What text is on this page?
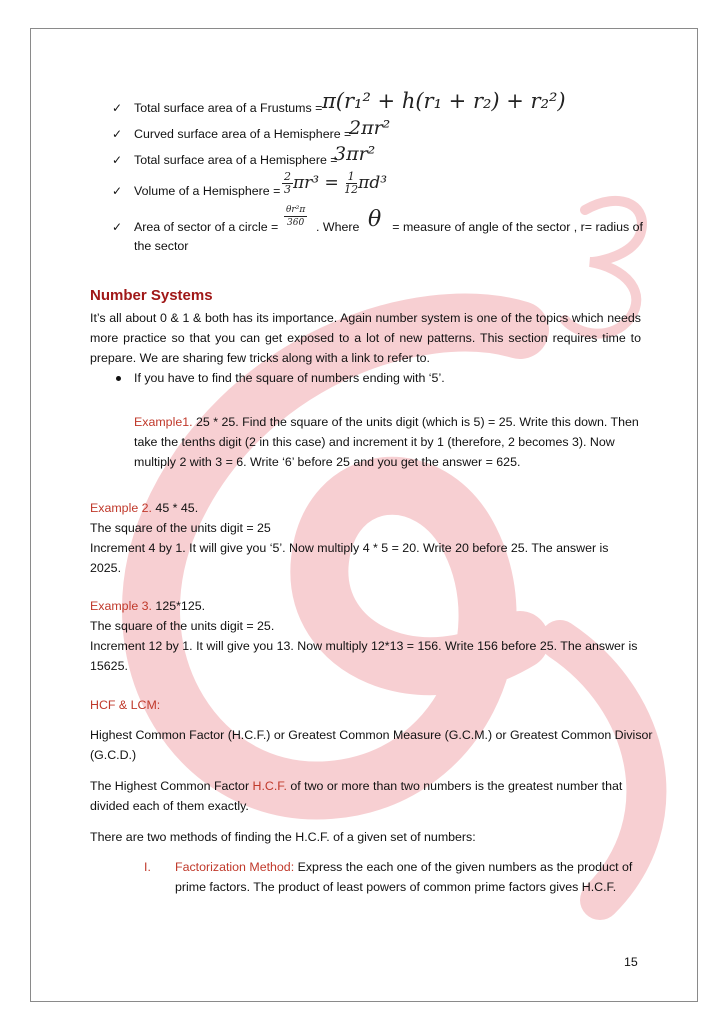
✓ Total surface area of a Frustums = π(r₁² + h(r₁ + r₂) + r₂²)
✓ Curved surface area of a Hemisphere =
2πr²
✓ Total surface area of a Hemisphere =
3πr²
✓ Volume of a Hemisphere = $\frac{2}{3} \pi r^3 = \frac{1}{12} \pi d^3$
✓ Area of sector of a circle = $\frac{\text{θr²π}}{360}$ . Where θ = measure of angle of the sector , r= radius of
the sector
Number Systems
It’s all about 0 & 1 & both has its importance. Again number system is one of the topics which needs
more practice so that you can get exposed to a lot of new patterns. This section requires time to
prepare. We are sharing few tricks along with a link to refer to.
If you have to find the square of numbers ending with ‘5’.
Example1. 25 * 25. Find the square of the units digit (which is 5) = 25. Write this down. Then
take the tenths digit (2 in this case) and increment it by 1 (therefore, 2 becomes 3). Now
multiply 2 with 3 = 6. Write ‘6’ before 25 and you get the answer = 625.
Example 2. 45 * 45.
The square of the units digit = 25
Increment 4 by 1. It will give you ‘5’. Now multiply 4 * 5 = 20. Write 20 before 25. The answer is
2025.
Example 3. 125*125.
The square of the units digit = 25.
Increment 12 by 1. It will give you 13. Now multiply 12*13 = 156. Write 156 before 25. The answer is
15625.
HCF & LCM:
Highest Common Factor (H.C.F.) or Greatest Common Measure (G.C.M.) or Greatest Common Divisor
(G.C.D.)
The Highest Common Factor H.C.F. of two or more than two numbers is the greatest number that
divided each of them exactly.
There are two methods of finding the H.C.F. of a given set of numbers:
I. Factorization Method: Express the each one of the given numbers as the product of
prime factors. The product of least powers of common prime factors gives H.C.F.
15
